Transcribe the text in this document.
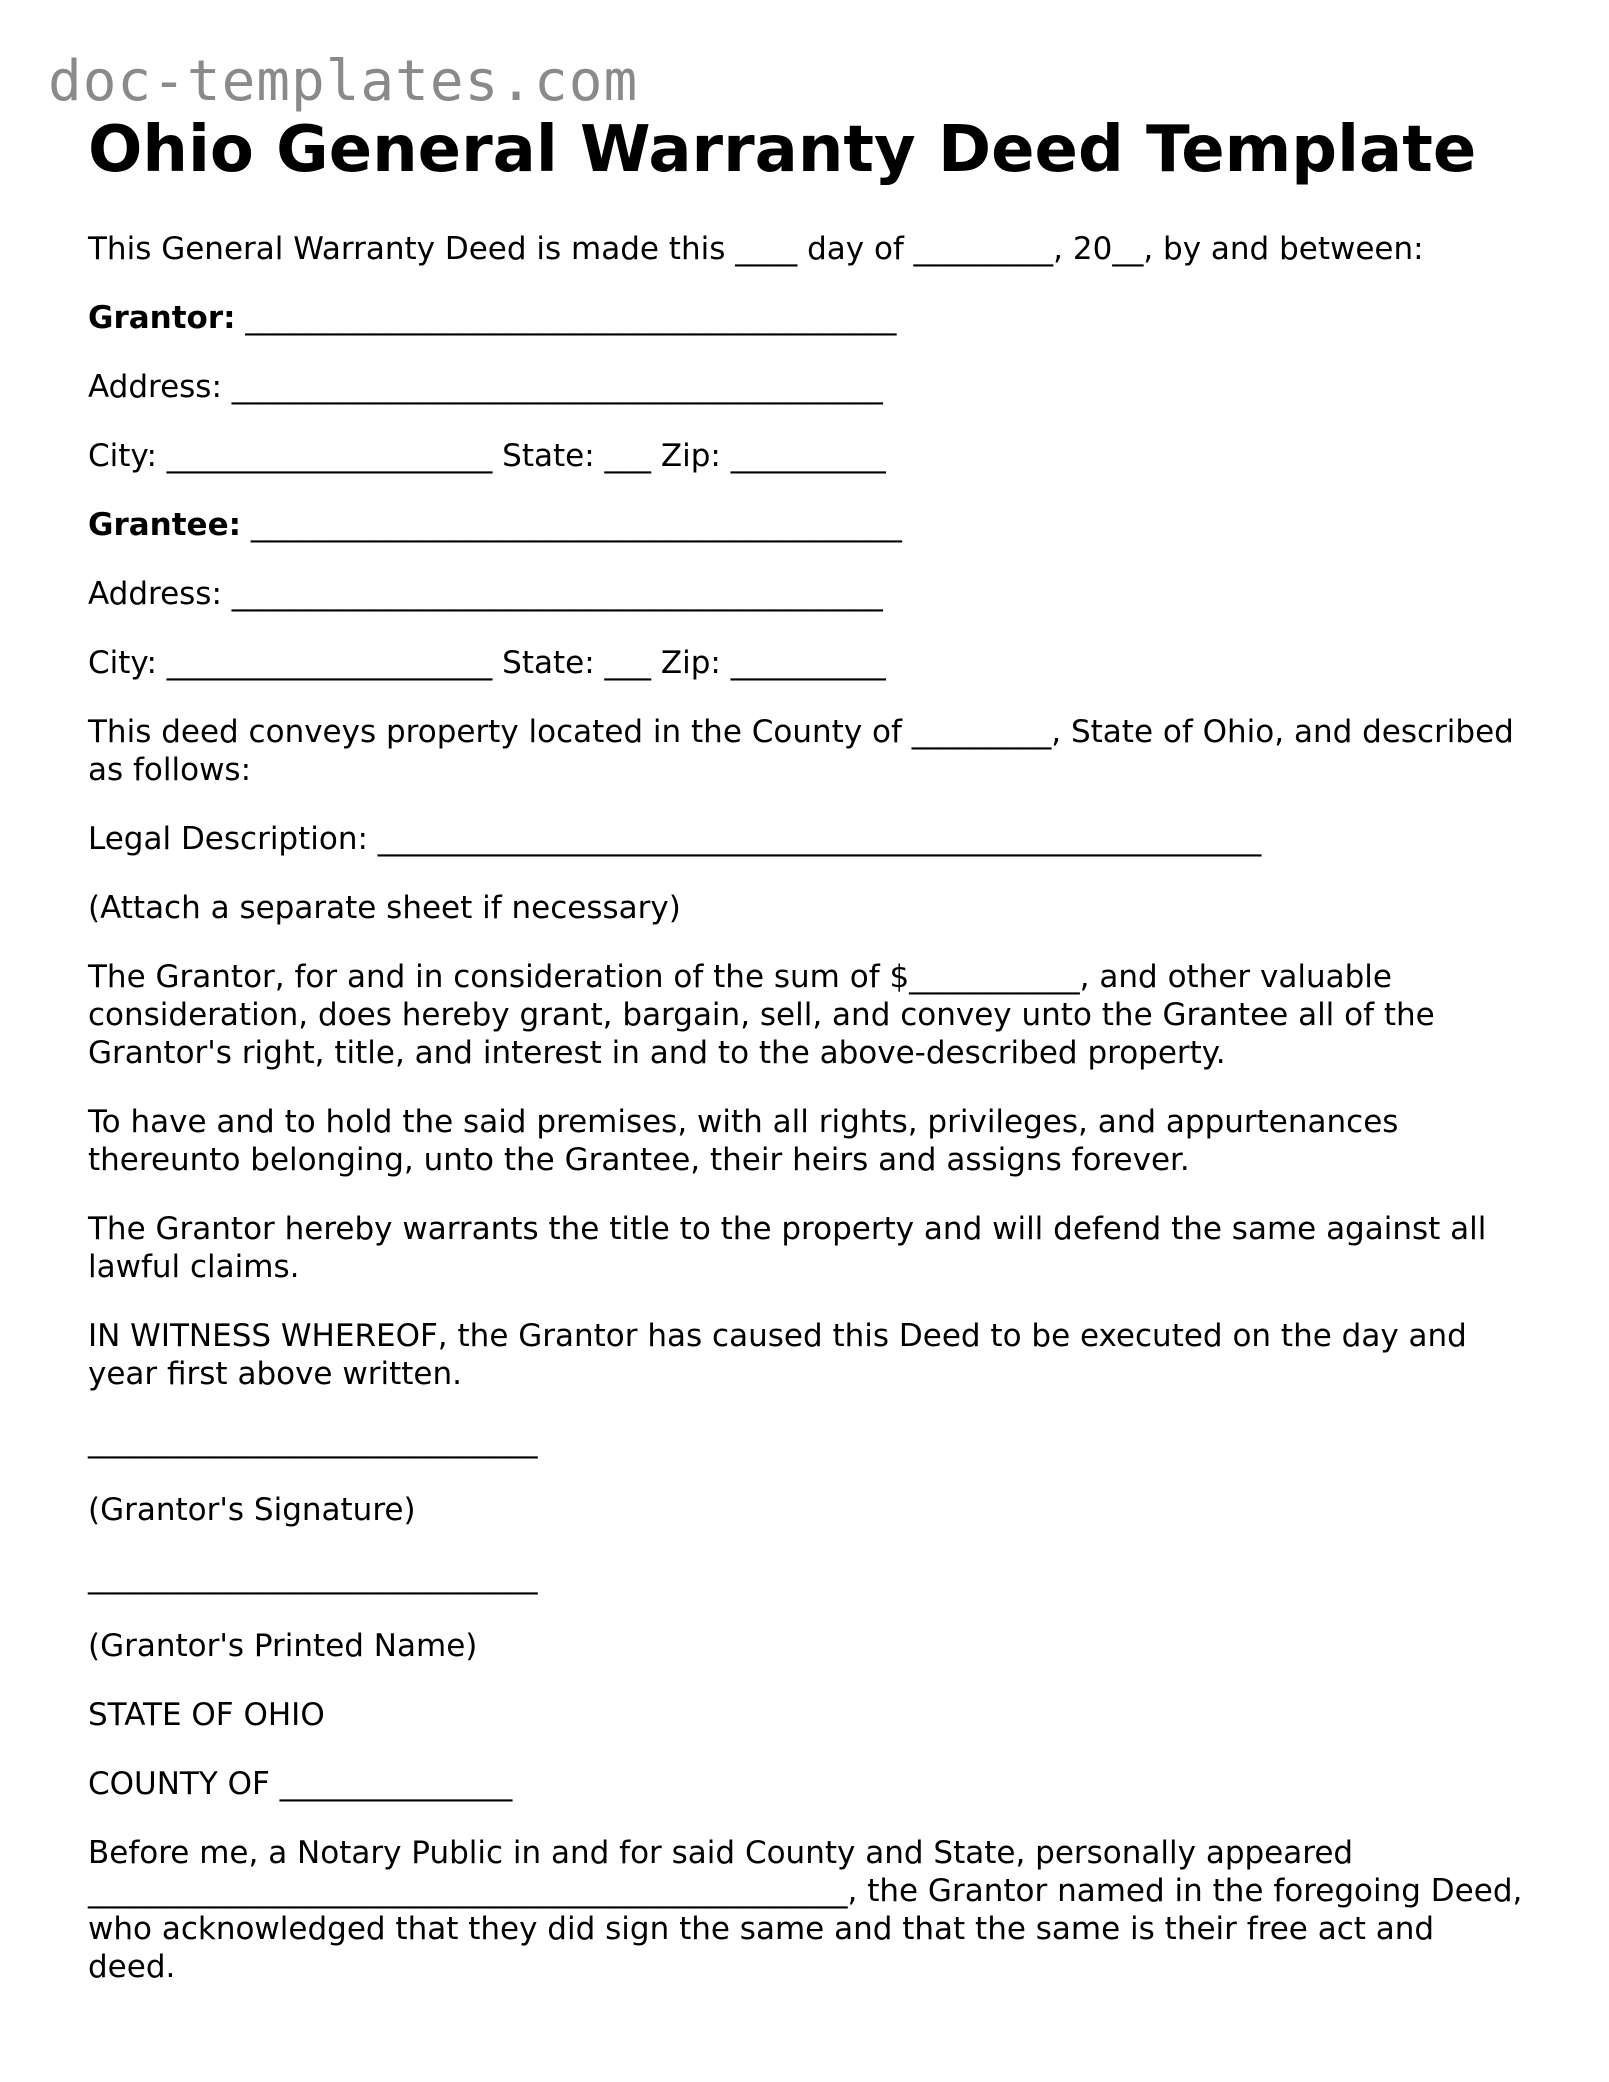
doc-templates.com
Ohio General Warranty Deed Template
This General Warranty Deed is made this ____ day of _________, 20__, by and between:
Grantor: __________________________________________
Address: __________________________________________
City: _____________________ State: ___ Zip: __________
Grantee: __________________________________________
Address: __________________________________________
City: _____________________ State: ___ Zip: __________
This deed conveys property located in the County of _________, State of Ohio, and described as follows:
Legal Description: _________________________________________________________
(Attach a separate sheet if necessary)
The Grantor, for and in consideration of the sum of $___________, and other valuable consideration, does hereby grant, bargain, sell, and convey unto the Grantee all of the Grantor's right, title, and interest in and to the above-described property.
To have and to hold the said premises, with all rights, privileges, and appurtenances thereunto belonging, unto the Grantee, their heirs and assigns forever.
The Grantor hereby warrants the title to the property and will defend the same against all lawful claims.
IN WITNESS WHEREOF, the Grantor has caused this Deed to be executed on the day and year first above written.
_____________________________
(Grantor's Signature)
_____________________________
(Grantor's Printed Name)
STATE OF OHIO
COUNTY OF _______________
Before me, a Notary Public in and for said County and State, personally appeared _________________________________________________, the Grantor named in the foregoing Deed, who acknowledged that they did sign the same and that the same is their free act and deed.
